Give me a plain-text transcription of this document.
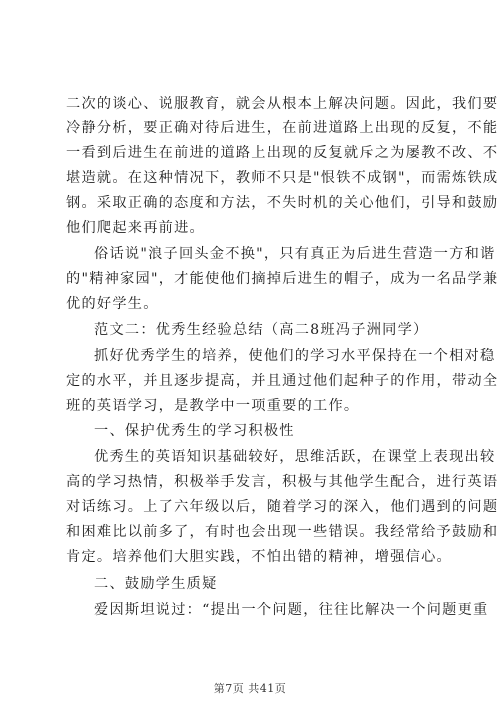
二次的谈心、说服教育，就会从根本上解决问题。因此，我们要
冷静分析，要正确对待后进生，在前进道路上出现的反复，不能
一看到后进生在前进的道路上出现的反复就斥之为屡教不改、不
堪造就。在这种情况下，教师不只是"恨铁不成钢"，而需炼铁成
钢。采取正确的态度和方法，不失时机的关心他们，引导和鼓励
他们爬起来再前进。
俗话说"浪子回头金不换"，只有真正为后进生营造一方和谐
的"精神家园"，才能使他们摘掉后进生的帽子，成为一名品学兼
优的好学生。
范文二：优秀生经验总结（高二8班冯子洲同学）
抓好优秀学生的培养，使他们的学习水平保持在一个相对稳
定的水平，并且逐步提高，并且通过他们起种子的作用，带动全
班的英语学习，是教学中一项重要的工作。
一、保护优秀生的学习积极性
优秀生的英语知识基础较好，思维活跃，在课堂上表现出较
高的学习热情，积极举手发言，积极与其他学生配合，进行英语
对话练习。上了六年级以后，随着学习的深入，他们遇到的问题
和困难比以前多了，有时也会出现一些错误。我经常给予鼓励和
肯定。培养他们大胆实践，不怕出错的精神，增强信心。
二、鼓励学生质疑
爱因斯坦说过：“提出一个问题，往往比解决一个问题更重
第7页 共41页
